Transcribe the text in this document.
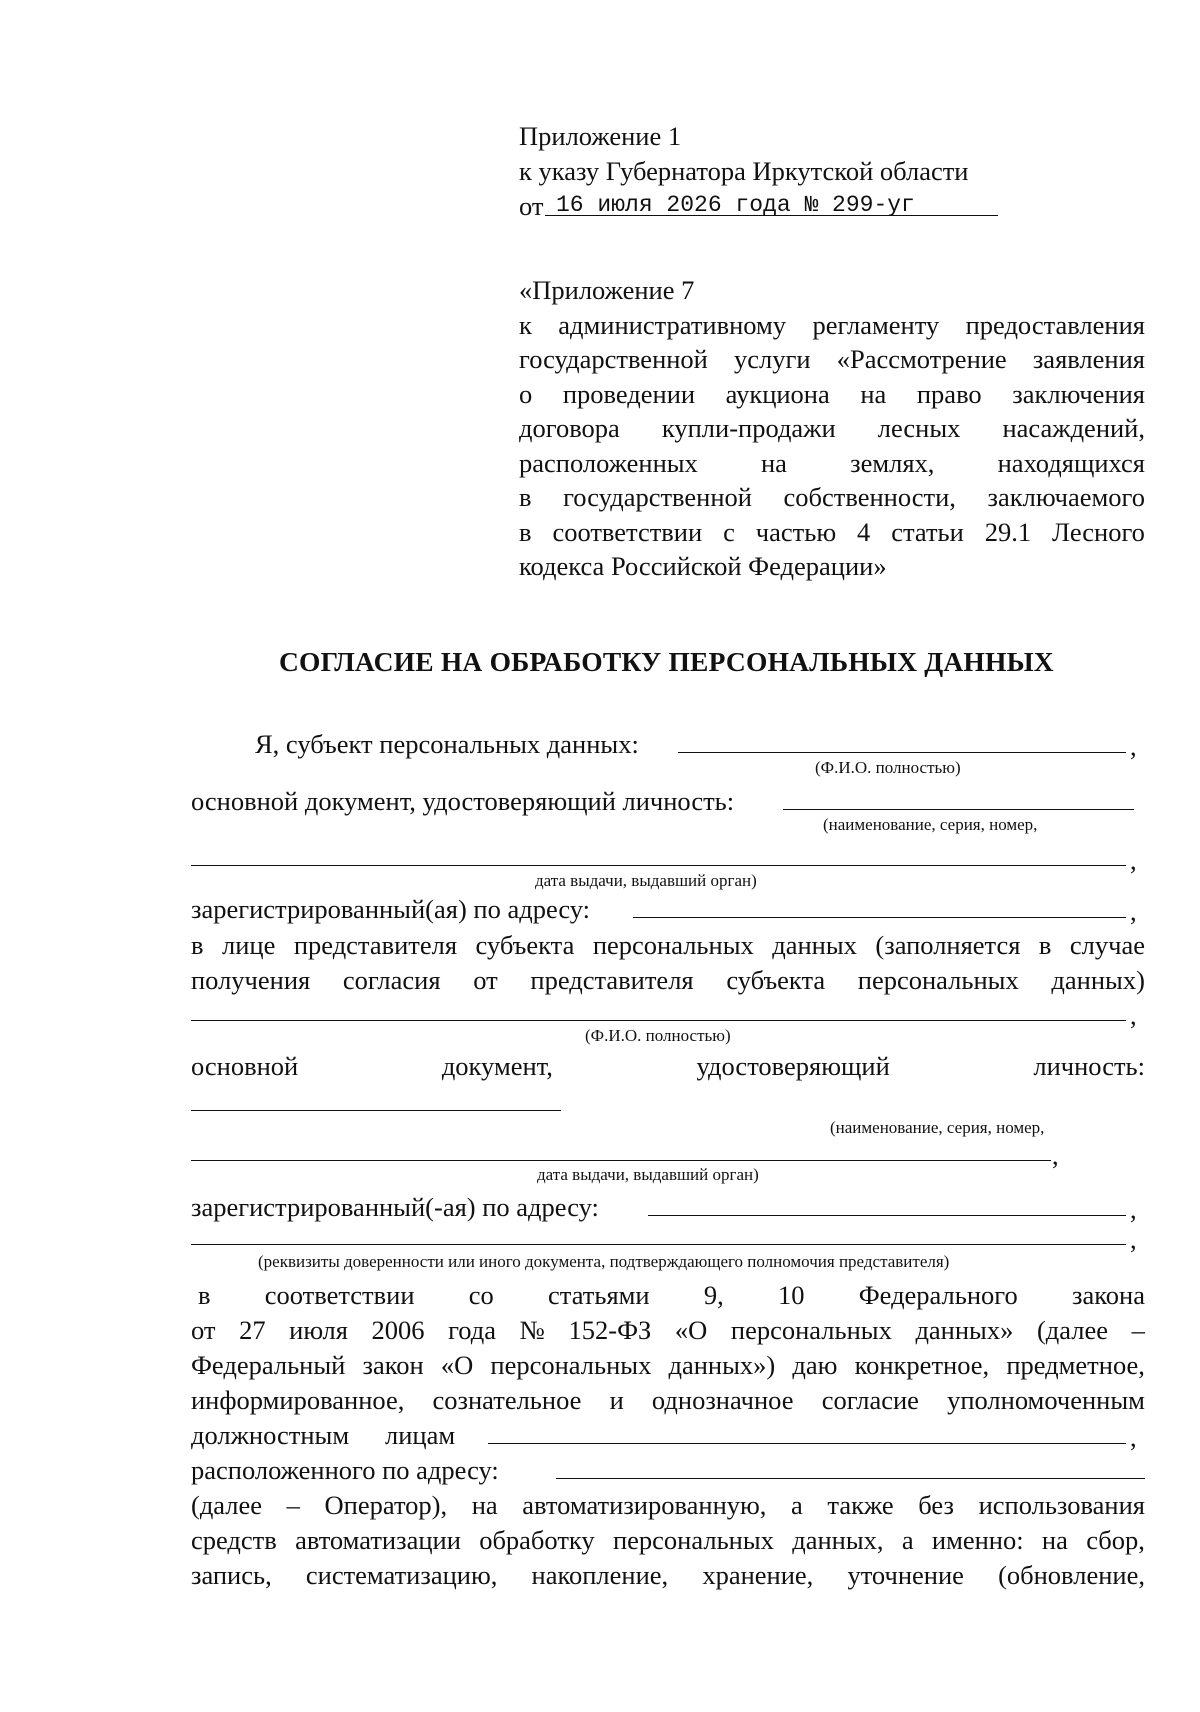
Приложение 1
к указу Губернатора Иркутской области
от 16 июля 2026 года № 299-уг
«Приложение 7
к административному регламенту предоставления
государственной услуги «Рассмотрение заявления
о проведении аукциона на право заключения
договора купли-продажи лесных насаждений,
расположенных на землях, находящихся
в государственной собственности, заключаемого
в соответствии с частью 4 статьи 29.1 Лесного
кодекса Российской Федерации»
СОГЛАСИЕ НА ОБРАБОТКУ ПЕРСОНАЛЬНЫХ ДАННЫХ
Я, субъект персональных данных:	,
(Ф.И.О. полностью)
основной документ, удостоверяющий личность:
(наименование, серия, номер,
,
дата выдачи, выдавший орган)
зарегистрированный(ая) по адресу:	,
в лице представителя субъекта персональных данных (заполняется в случае
получения согласия от представителя субъекта персональных данных)
,
(Ф.И.О. полностью)
основной	документ,	удостоверяющий	личность:
(наименование, серия, номер,
,
дата выдачи, выдавший орган)
зарегистрированный(-ая) по адресу:	,
,
(реквизиты доверенности или иного документа, подтверждающего полномочия представителя)
в соответствии со статьями 9, 10 Федерального закона
от 27 июля 2006 года № 152-ФЗ «О персональных данных» (далее –
Федеральный закон «О персональных данных») даю конкретное, предметное,
информированное, сознательное и однозначное согласие уполномоченным
должностным лицам	,
расположенного по адресу:
(далее – Оператор), на автоматизированную, а также без использования
средств автоматизации обработку персональных данных, а именно: на сбор,
запись, систематизацию, накопление, хранение, уточнение (обновление,
